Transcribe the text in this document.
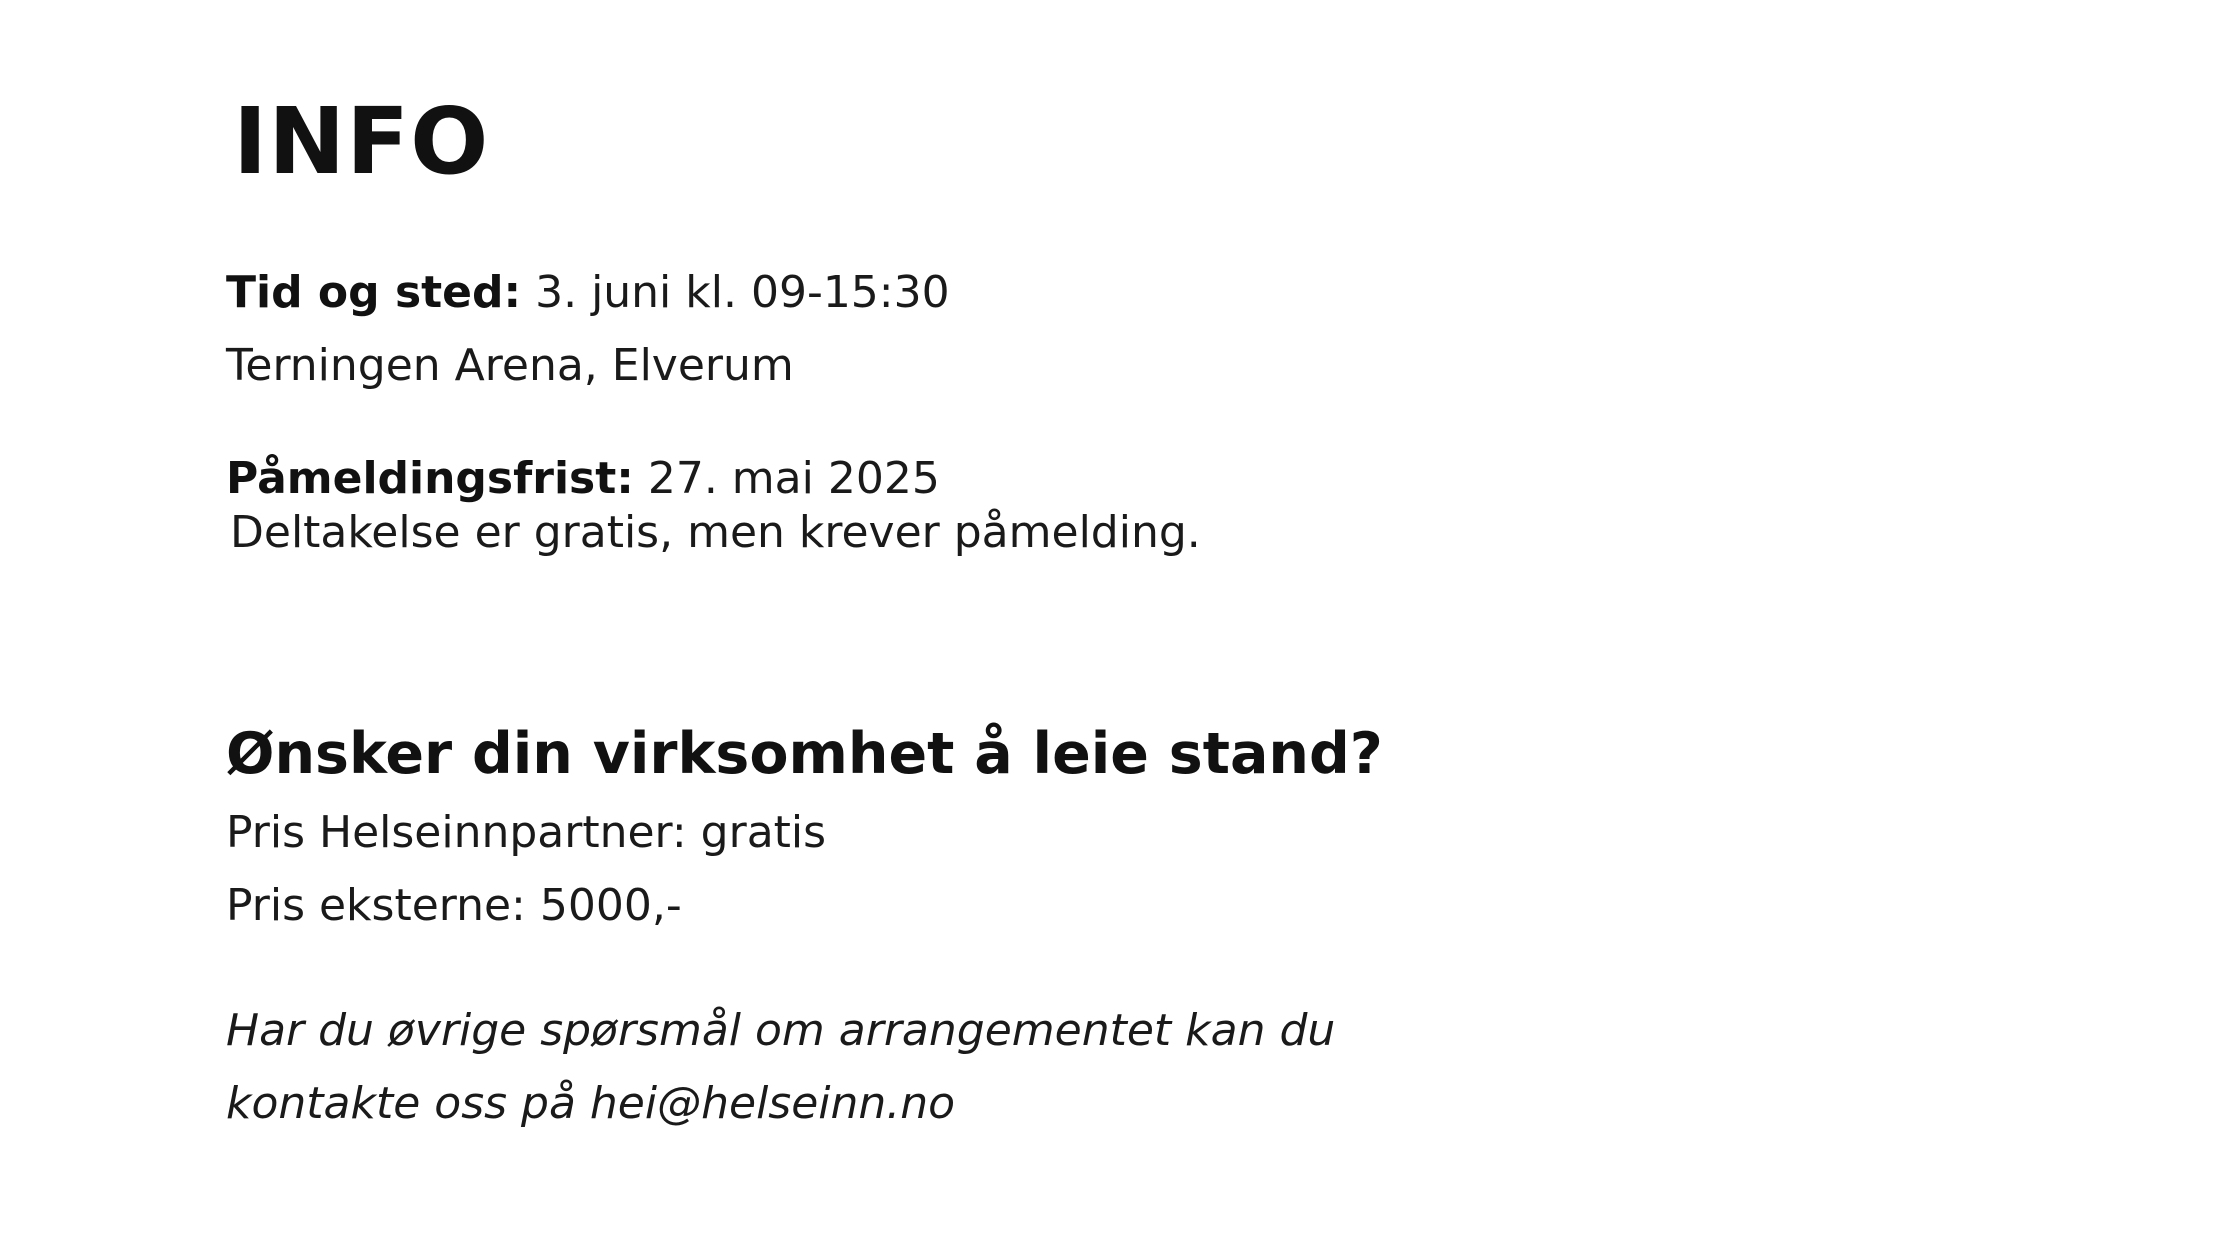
INFO
Tid og sted: 3. juni kl. 09-15:30
Terningen Arena, Elverum
Påmeldingsfrist: 27. mai 2025
Deltakelse er gratis, men krever påmelding.
Ønsker din virksomhet å leie stand?
Pris Helseinnpartner: gratis
Pris eksterne: 5000,-
Har du øvrige spørsmål om arrangementet kan du
kontakte oss på hei@helseinn.no
